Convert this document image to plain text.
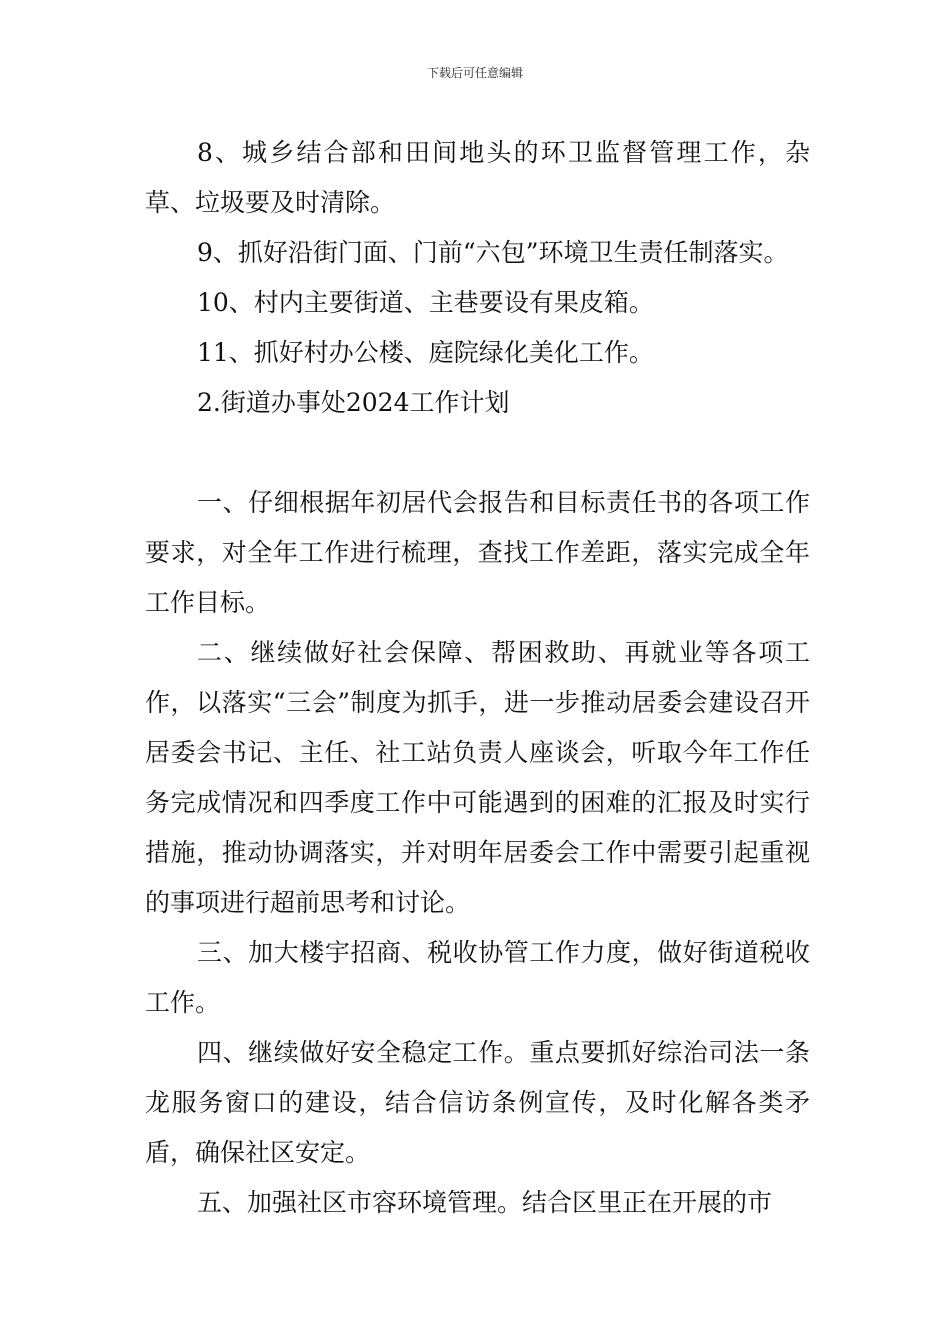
下载后可任意编辑

8、城乡结合部和田间地头的环卫监督管理工作，杂草、垃圾要及时清除。

9、抓好沿街门面、门前“六包”环境卫生责任制落实。

10、村内主要街道、主巷要设有果皮箱。

11、抓好村办公楼、庭院绿化美化工作。

2.街道办事处2024工作计划

一、仔细根据年初居代会报告和目标责任书的各项工作要求，对全年工作进行梳理，查找工作差距，落实完成全年工作目标。

二、继续做好社会保障、帮困救助、再就业等各项工作，以落实“三会”制度为抓手，进一步推动居委会建设召开居委会书记、主任、社工站负责人座谈会，听取今年工作任务完成情况和四季度工作中可能遇到的困难的汇报及时实行措施，推动协调落实，并对明年居委会工作中需要引起重视的事项进行超前思考和讨论。

三、加大楼宇招商、税收协管工作力度，做好街道税收工作。

四、继续做好安全稳定工作。重点要抓好综治司法一条 龙服务窗口的建设，结合信访条例宣传，及时化解各类矛盾，确保社区安定。

五、加强社区市容环境管理。结合区里正在开展的市
